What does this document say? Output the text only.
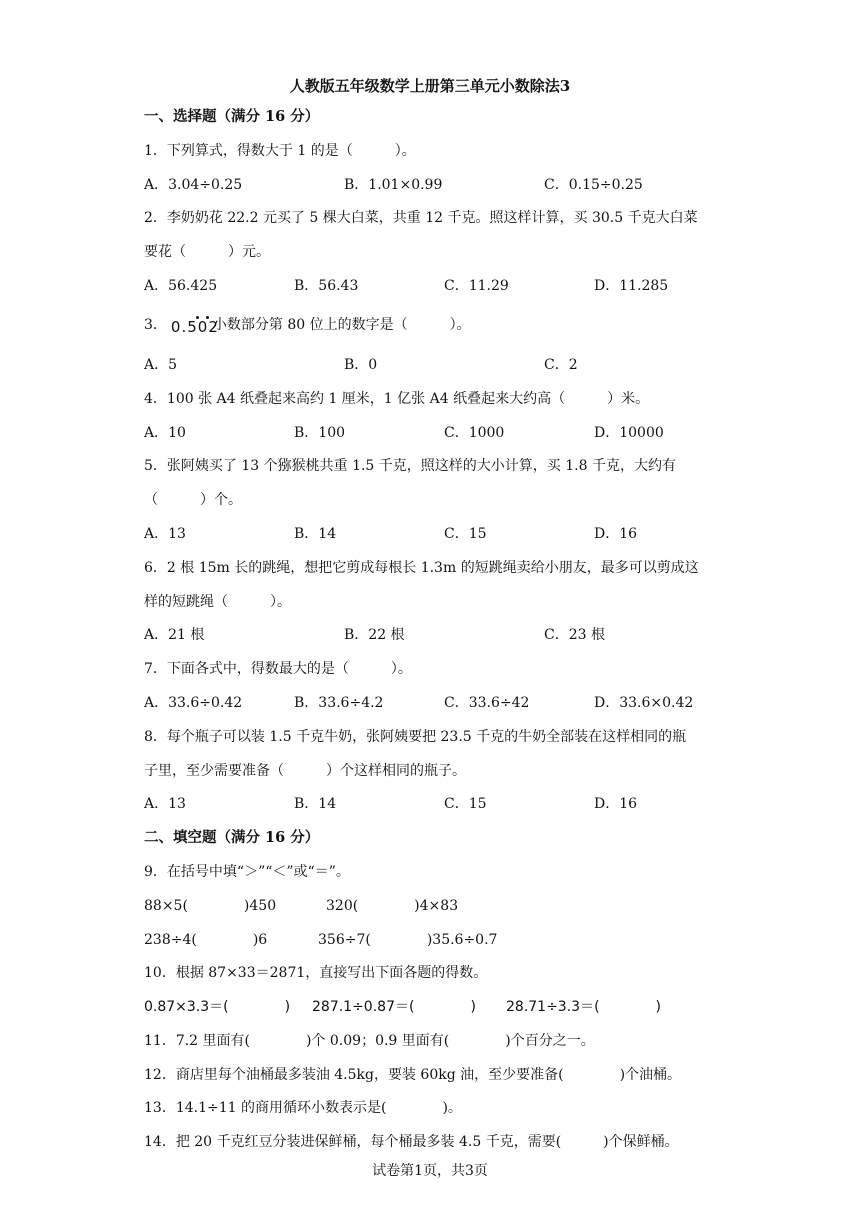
人教版五年级数学上册第三单元小数除法3
一、选择题（满分 16 分）
1．下列算式，得数大于 1 的是（　　　）。
A．3.04÷0.25	B．1.01×0.99	C．0.15÷0.25
2．李奶奶花 22.2 元买了 5 棵大白菜，共重 12 千克。照这样计算，买 30.5 千克大白菜
要花（　　　）元。
A．56.425	B．56.43	C．11.29	D．11.285
3． 0.502
小数部分第 80 位上的数字是（　　　）。
A．5	B．0	C．2
4．100 张 A4 纸叠起来高约 1 厘米，1 亿张 A4 纸叠起来大约高（　　　）米。
A．10	B．100	C．1000	D．10000
5．张阿姨买了 13 个猕猴桃共重 1.5 千克，照这样的大小计算，买 1.8 千克，大约有
（　　　）个。
A．13	B．14	C．15	D．16
6．2 根 15m 长的跳绳，想把它剪成每根长 1.3m 的短跳绳卖给小朋友，最多可以剪成这
样的短跳绳（　　　）。
A．21 根	B．22 根	C．23 根
7．下面各式中，得数最大的是（　　　）。
A．33.6÷0.42	B．33.6÷4.2	C．33.6÷42	D．33.6×0.42
8．每个瓶子可以装 1.5 千克牛奶，张阿姨要把 23.5 千克的牛奶全部装在这样相同的瓶
子里，至少需要准备（　　　）个这样相同的瓶子。
A．13	B．14	C．15	D．16
二、填空题（满分 16 分）
9．在括号中填“＞”“＜”或“＝”。
88×5(　　　　)450	320(　　　　)4×83
238÷4(　　　　)6	356÷7(　　　　)35.6÷0.7
10．根据 87×33＝2871，直接写出下面各题的得数。
0.87×3.3＝(　　　　) 287.1÷0.87＝(　　　　) 28.71÷3.3＝(　　　　)
11．7.2 里面有(　　　　)个 0.09；0.9 里面有(　　　　)个百分之一。
12．商店里每个油桶最多装油 4.5kg，要装 60kg 油，至少要准备(　　　　)个油桶。
13．14.1÷11 的商用循环小数表示是(　　　　)。
14．把 20 千克红豆分装进保鲜桶，每个桶最多装 4.5 千克，需要(　　　)个保鲜桶。
试卷第1页，共3页
